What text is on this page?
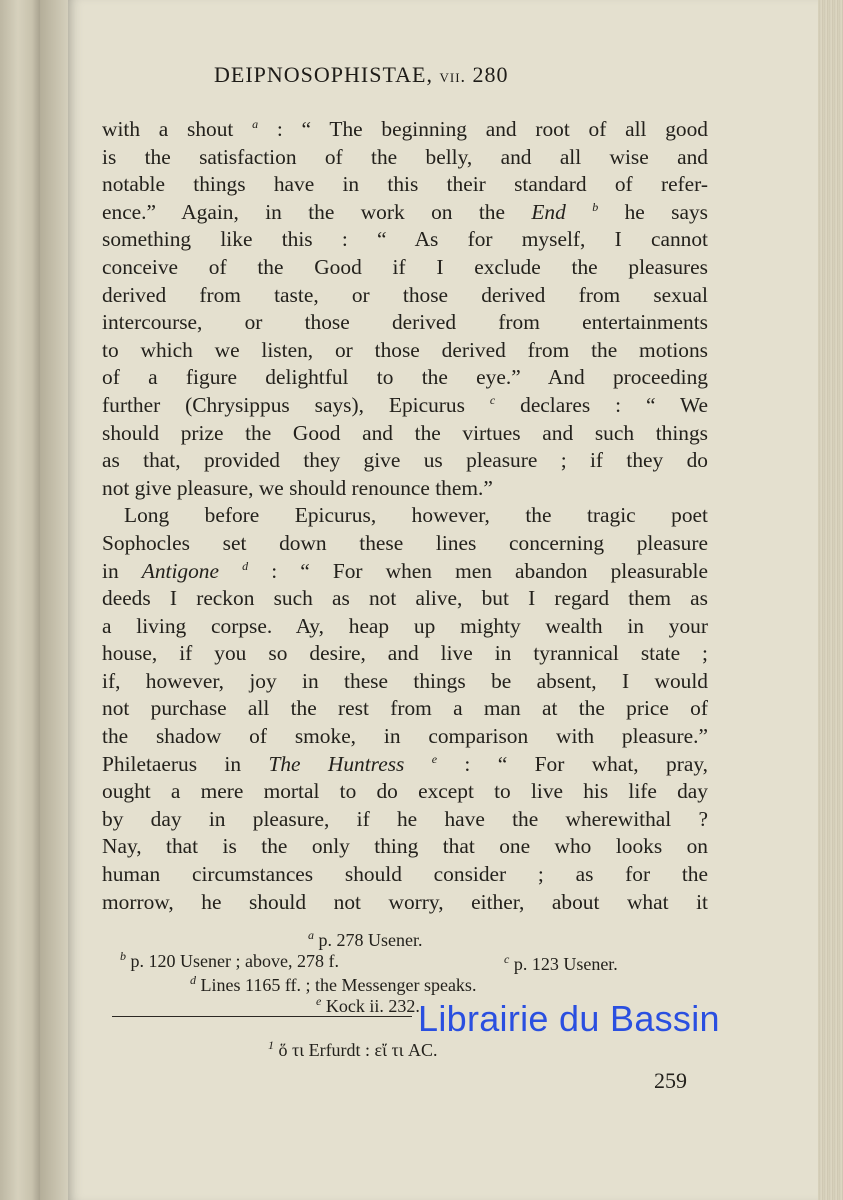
DEIPNOSOPHISTAE, vii. 280
with a shout $^a$ : “ The beginning and root of all good
is the satisfaction of the belly, and all wise and
notable things have in this their standard of refer-
ence.” Again, in the work on the End $^b$ he says
something like this : “ As for myself, I cannot
conceive of the Good if I exclude the pleasures
derived from taste, or those derived from sexual
intercourse, or those derived from entertainments
to which we listen, or those derived from the motions
of a figure delightful to the eye.” And proceeding
further (Chrysippus says), Epicurus $^c$ declares : “ We
should prize the Good and the virtues and such things
as that, provided they give us pleasure ; if they do
not give pleasure, we should renounce them.”
Long before Epicurus, however, the tragic poet
Sophocles set down these lines concerning pleasure
in Antigone $^d$ : “ For when men abandon pleasurable
deeds I reckon such as not alive, but I regard them as
a living corpse. Ay, heap up mighty wealth in your
house, if you so desire, and live in tyrannical state ;
if, however, joy in these things be absent, I would
not purchase all the rest from a man at the price of
the shadow of smoke, in comparison with pleasure.”
Philetaerus in The Huntress $^e$ : “ For what, pray,
ought a mere mortal to do except to live his life day
by day in pleasure, if he have the wherewithal ?
Nay, that is the only thing that one who looks on
human circumstances should consider ; as for the
morrow, he should not worry, either, about what it
$^a$ p. 278 Usener.
$^b$ p. 120 Usener ; above, 278 f.	$^c$ p. 123 Usener.
$^d$ Lines 1165 ff. ; the Messenger speaks.
$^e$ Kock ii. 232.
$^1$ ὅ τι Erfurdt : εἴ τι AC.
259
Librairie du Bassin
